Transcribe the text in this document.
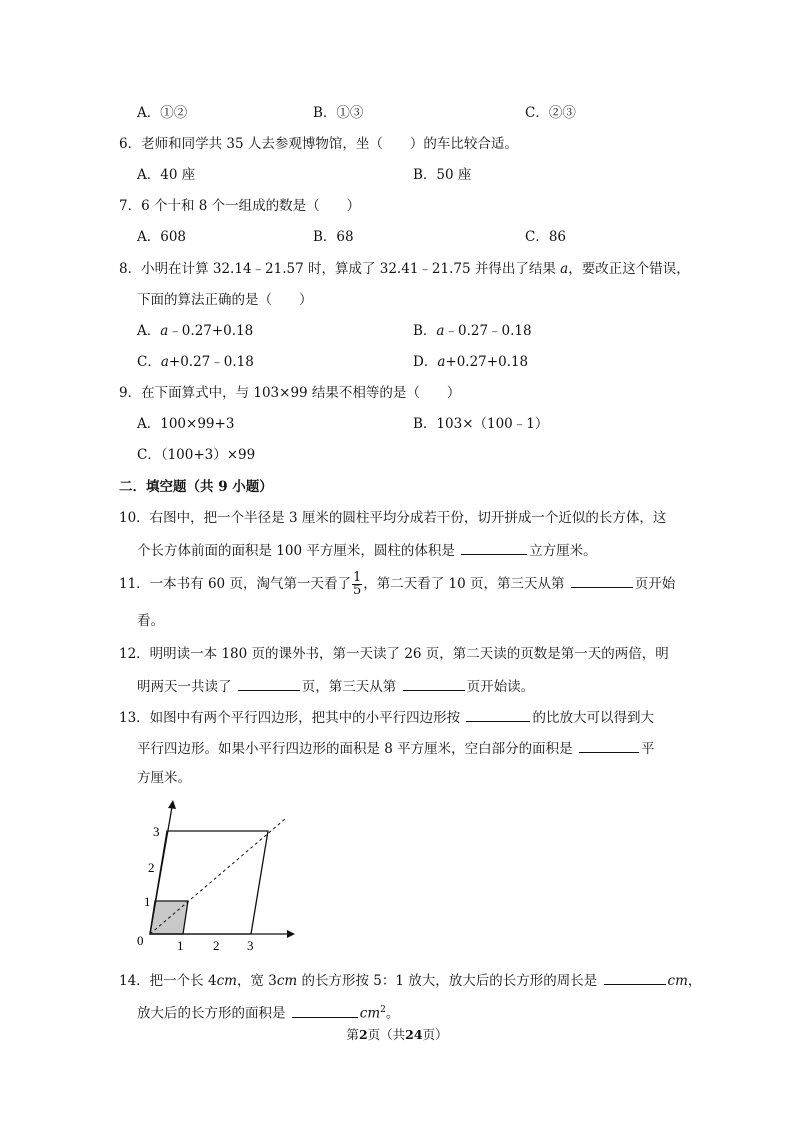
A．①②	B．①③	C．②③
6．老师和同学共 35 人去参观博物馆，坐（　　）的车比较合适。
A．40 座	B．50 座
7．6 个十和 8 个一组成的数是（　　）
A．608	B．68	C．86
8．小明在计算 32.14﹣21.57 时，算成了 32.41﹣21.75 并得出了结果 a，要改正这个错误，
下面的算法正确的是（　　）
A．a﹣0.27+0.18	B．a﹣0.27﹣0.18
C．a+0.27﹣0.18	D．a+0.27+0.18
9．在下面算式中，与 103×99 结果不相等的是（　　）
A．100×99+3	B．103×（100﹣1）
C．（100+3）×99
二．填空题（共 9 小题）
10．右图中，把一个半径是 3 厘米的圆柱平均分成若干份，切开拼成一个近似的长方体，这
个长方体前面的面积是 100 平方厘米，圆柱的体积是	立方厘米。
11．一本书有 60 页，淘气第一天看了 $\frac{1}{5}$ ，第二天看了 10 页，第三天从第	页开始
看。
12．明明读一本 180 页的课外书，第一天读了 26 页，第二天读的页数是第一天的两倍，明
明两天一共读了	页，第三天从第	页开始读。
13．如图中有两个平行四边形，把其中的小平行四边形按	的比放大可以得到大
平行四边形。如果小平行四边形的面积是 8 平方厘米，空白部分的面积是	平
方厘米。
0
1
2
3
1 2 3
14．把一个长 4cm，宽 3cm 的长方形按 5：1 放大，放大后的长方形的周长是	cm，
放大后的长方形的面积是	$cm^2$。
第2页（共24页）
